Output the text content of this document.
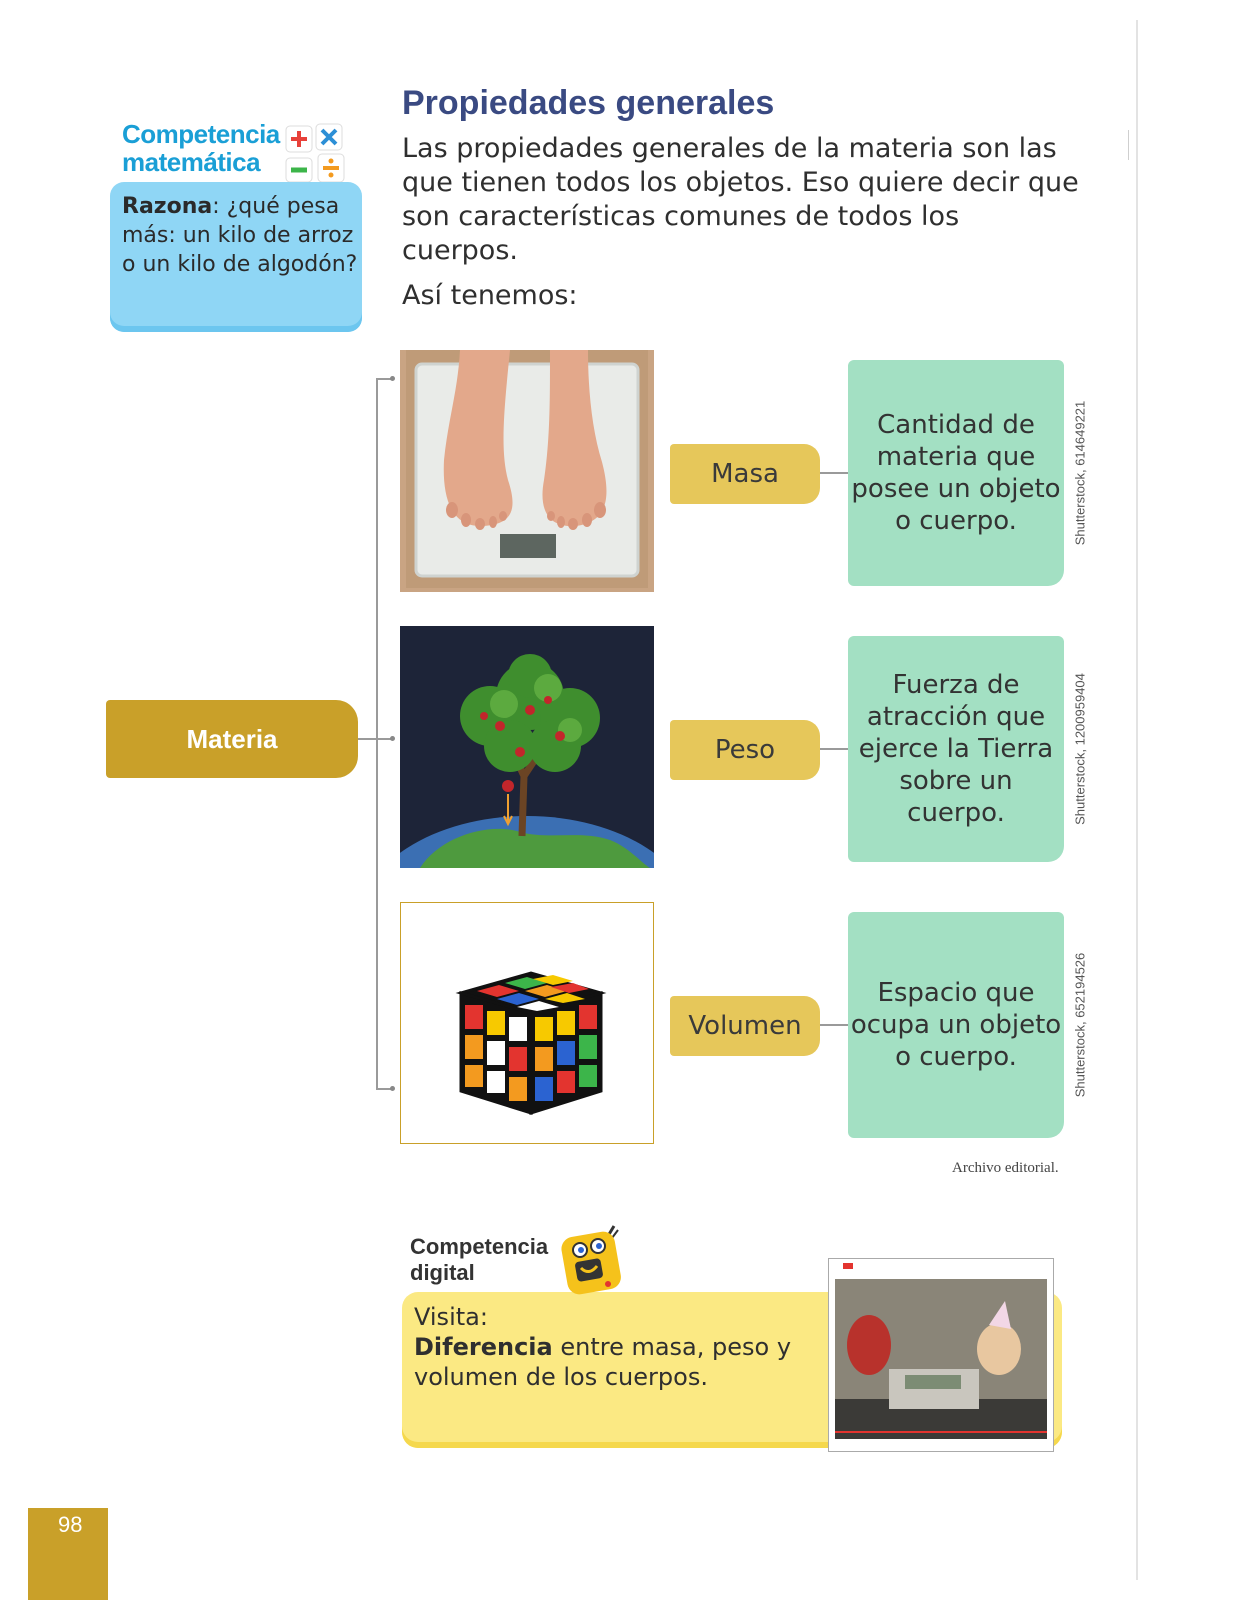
Competencia
matemática
Razona: ¿qué pesa más: un kilo de arroz o un kilo de algodón?
Propiedades generales
Las propiedades generales de la materia son las que tienen todos los objetos. Eso quiere decir que son características comunes de todos los cuerpos.
Así tenemos:
Materia
Masa
Peso
Volumen
Cantidad de materia que posee un objeto o cuerpo.
Fuerza de atracción que ejerce la Tierra sobre un cuerpo.
Espacio que ocupa un objeto o cuerpo.
Shutterstock, 614649221
Shutterstock, 1200959404
Shutterstock, 652194526
Archivo editorial.
Competencia
digital
Visita:
Diferencia entre masa, peso y volumen de los cuerpos.
98
